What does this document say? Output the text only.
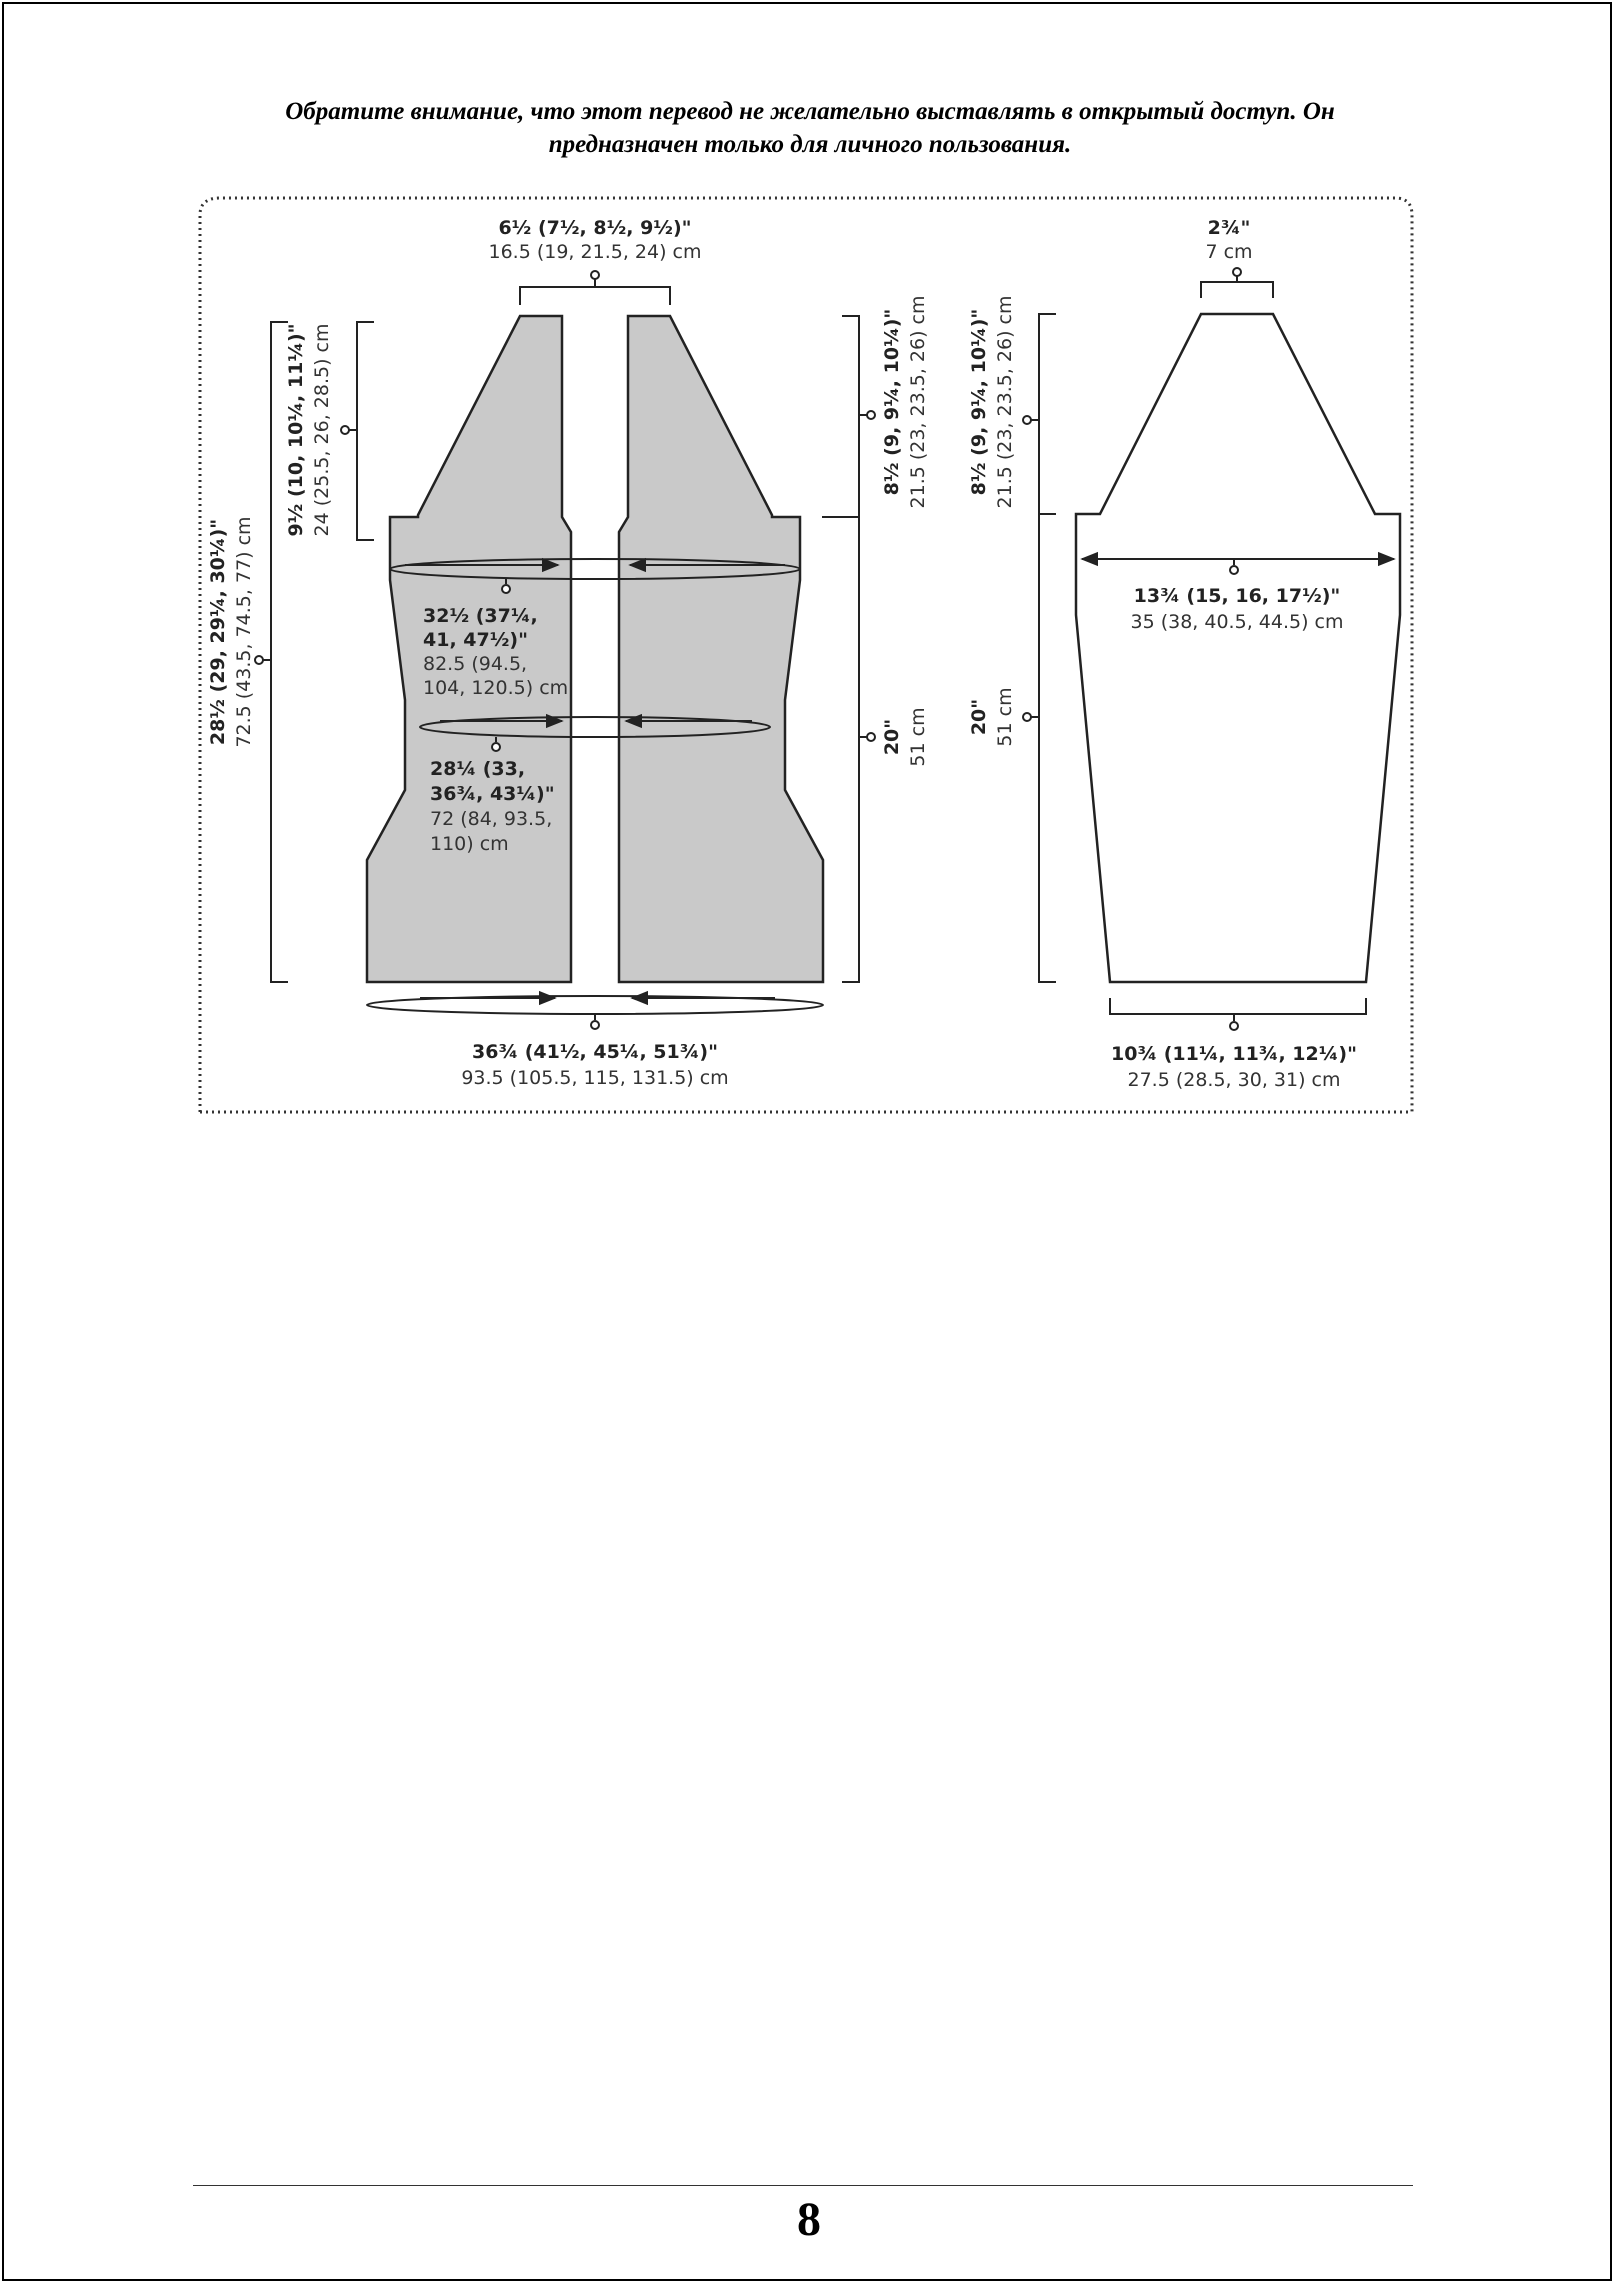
Обратите внимание, что этот перевод не желательно выставлять в открытый доступ. Он
предназначен только для личного пользования.
6½ (7½, 8½, 9½)"
16.5 (19, 21.5, 24) cm
9½ (10, 10¼, 11¼)" 24 (25.5, 26, 28.5) cm
28½ (29, 29¼, 30¼)" 72.5 (43.5, 74.5, 77) cm	32½ (37¼,
41, 47½)"
82.5 (94.5,
104, 120.5) cm
28¼ (33,
36¾, 43¼)"
72 (84, 93.5,
110) cm
36¾ (41½, 45¼, 51¾)"
93.5 (105.5, 115, 131.5) cm
8½ (9, 9¼, 10¼)" 21.5 (23, 23.5, 26) cm
20" 51 cm
2¾"
7 cm
8½ (9, 9¼, 10¼)" 21.5 (23, 23.5, 26) cm
20" 51 cm
13¾ (15, 16, 17½)"
35 (38, 40.5, 44.5) cm
10¾ (11¼, 11¾, 12¼)"
27.5 (28.5, 30, 31) cm
8
